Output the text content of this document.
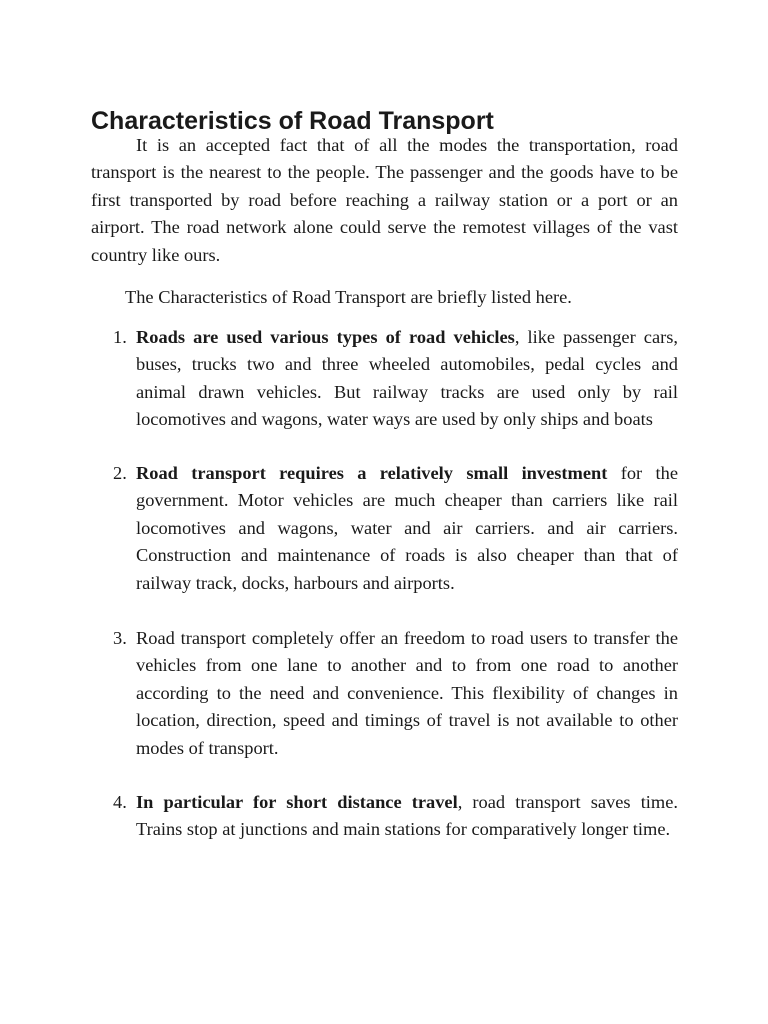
Characteristics of Road Transport

It is an accepted fact that of all the modes the transportation, road transport is the nearest to the people. The passenger and the goods have to be first transported by road before reaching a railway station or a port or an airport. The road network alone could serve the remotest villages of the vast country like ours.

The Characteristics of Road Transport are briefly listed here.

1. Roads are used various types of road vehicles, like passenger cars, buses, trucks two and three wheeled automobiles, pedal cycles and animal drawn vehicles. But railway tracks are used only by rail locomotives and wagons, water ways are used by only ships and boats

2. Road transport requires a relatively small investment for the government. Motor vehicles are much cheaper than carriers like rail locomotives and wagons, water and air carriers. and air carriers. Construction and maintenance of roads is also cheaper than that of railway track, docks, harbours and airports.

3. Road transport completely offer an freedom to road users to transfer the vehicles from one lane to another and to from one road to another according to the need and convenience. This flexibility of changes in location, direction, speed and timings of travel is not available to other modes of transport.

4. In particular for short distance travel, road transport saves time. Trains stop at junctions and main stations for comparatively longer time.
